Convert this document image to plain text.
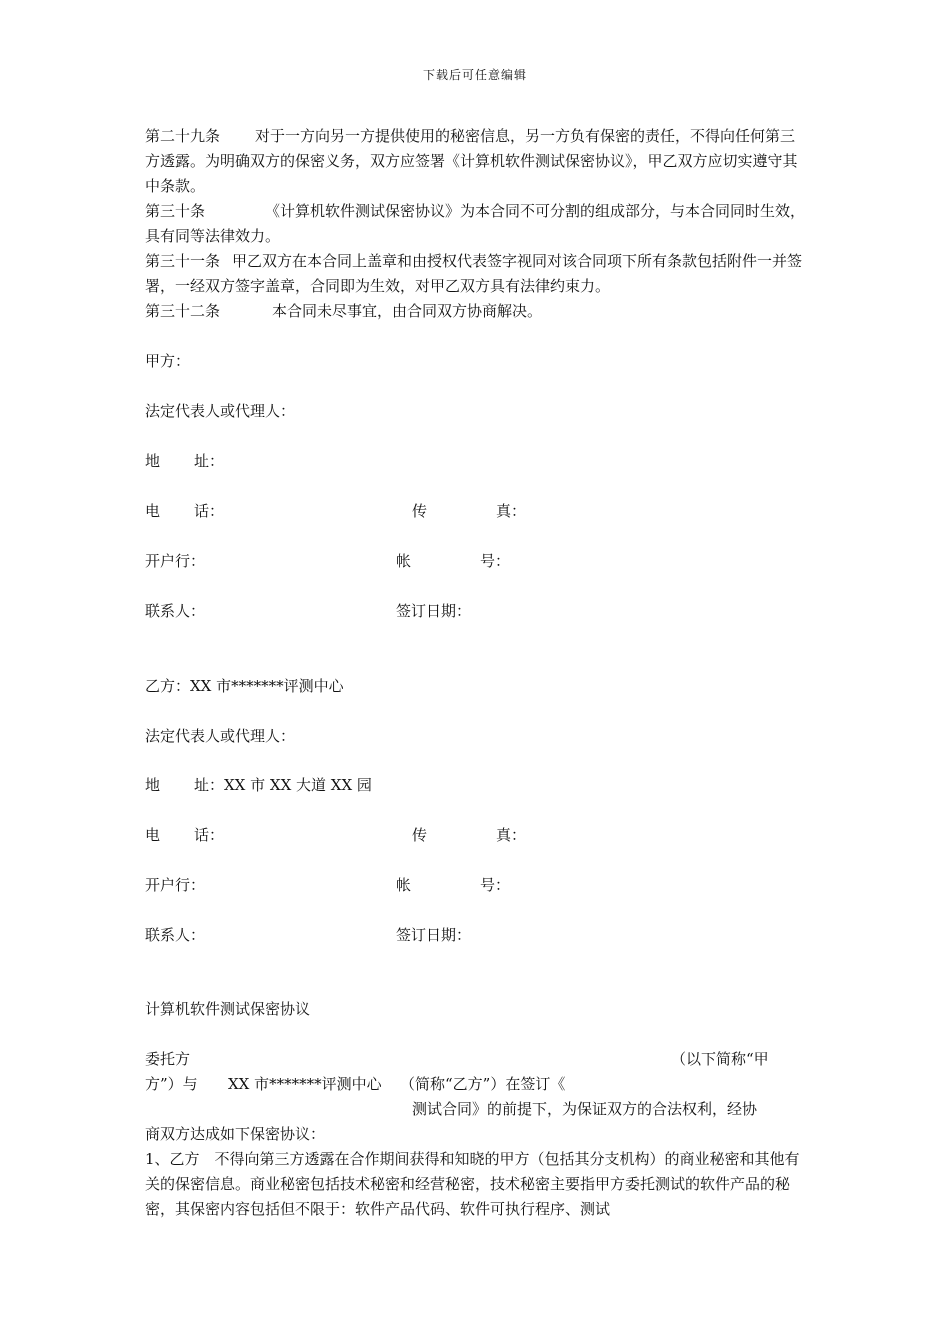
下载后可任意编辑

第二十九条 对于一方向另一方提供使用的秘密信息，另一方负有保密的责任，不得向任何第三方透露。为明确双方的保密义务，双方应签署《计算机软件测试保密协议》，甲乙双方应切实遵守其中条款。

第三十条	《计算机软件测试保密协议》为本合同不可分割的组成部分，与本合同同时生效，具有同等法律效力。

第三十一条 甲乙双方在本合同上盖章和由授权代表签字视同对该合同项下所有条款包括附件一并签署，一经双方签字盖章，合同即为生效，对甲乙双方具有法律约束力。

第三十二条	本合同未尽事宜，由合同双方协商解决。

甲方：
法定代表人或代理人：
地 址：
电 话：	传	真：
开户行：	帐	号：
联系人：	签订日期：
乙方：XX 市*******评测中心
法定代表人或代理人：
地 址：XX 市 XX 大道 XX 园
电 话：	传	真：
开户行：	帐	号：
联系人：	签订日期：
计算机软件测试保密协议
委托方	（以下简称“甲
方”）与 XX 市*******评测中心 （简称“乙方”）在签订《
测试合同》的前提下，为保证双方的合法权利，经协
商双方达成如下保密协议：

1、乙方　不得向第三方透露在合作期间获得和知晓的甲方（包括其分支机构）的商业秘密和其他有关的保密信息。商业秘密包括技术秘密和经营秘密，技术秘密主要指甲方委托测试的软件产品的秘密，其保密内容包括但不限于：软件产品代码、软件可执行程序、测试
